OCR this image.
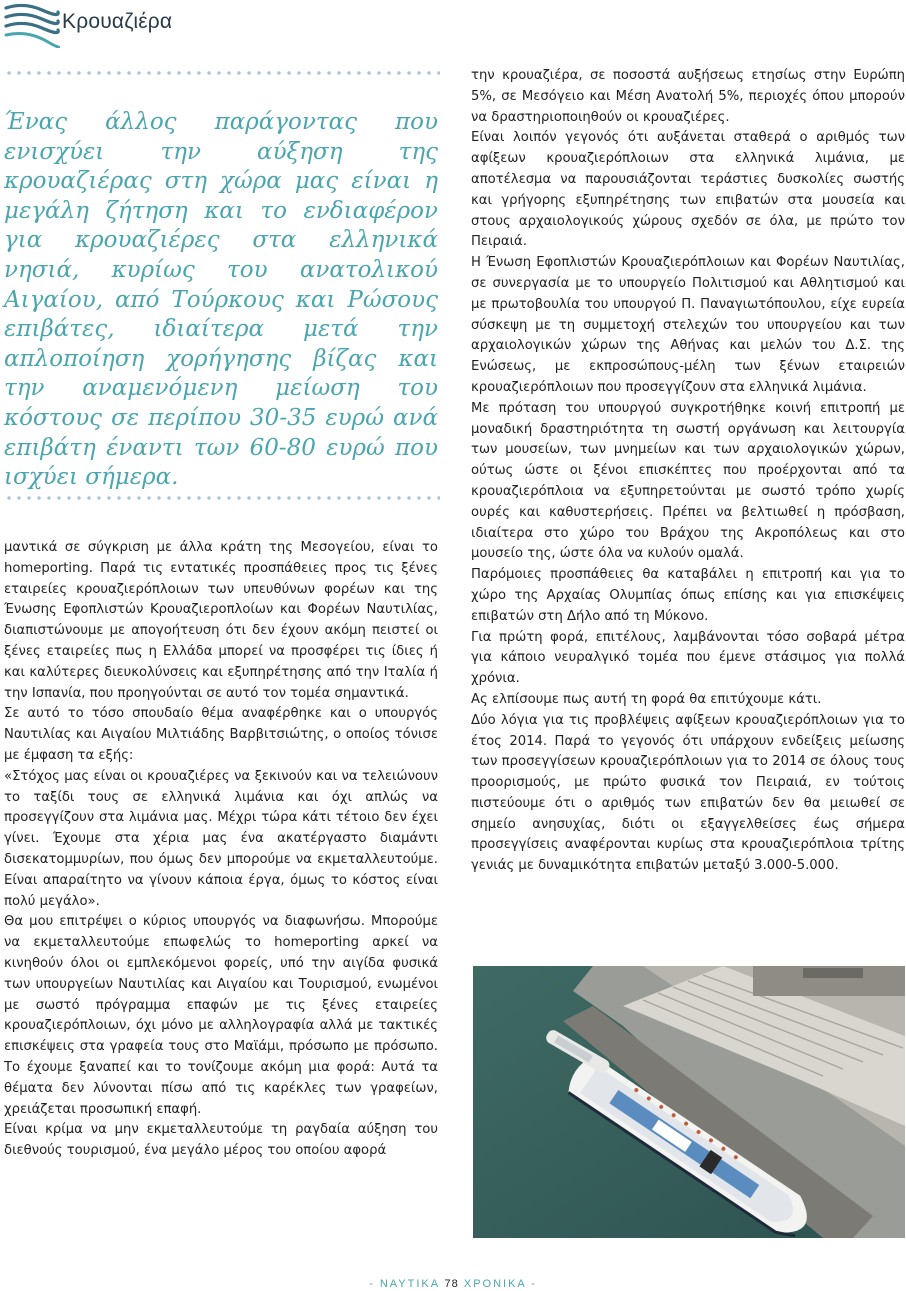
Κρουαζιέρα

Ένας άλλος παράγοντας που ενισχύει την αύξηση της κρουαζιέρας στη χώρα μας είναι η μεγάλη ζήτηση και το ενδιαφέρον για κρουαζιέρες στα ελληνικά νησιά, κυρίως του ανατολικού Αιγαίου, από Τούρκους και Ρώσους επιβάτες, ιδιαίτερα μετά την απλοποίηση χορήγησης βίζας και την αναμενόμενη μείωση του κόστους σε περίπου 30-35 ευρώ ανά επιβάτη έναντι των 60-80 ευρώ που ισχύει σήμερα.

μαντικά σε σύγκριση με άλλα κράτη της Μεσογείου, είναι το homeporting. Παρά τις εντατικές προσπάθειες προς τις ξένες εταιρείες κρουαζιερόπλοιων των υπευθύνων φορέων και της Ένωσης Εφοπλιστών Κρουαζιεροπλοίων και Φορέων Ναυτιλίας, διαπιστώνουμε με απογοήτευση ότι δεν έχουν ακόμη πειστεί οι ξένες εταιρείες πως η Ελλάδα μπορεί να προσφέρει τις ίδιες ή και καλύτερες διευκολύνσεις και εξυπηρέτησης από την Ιταλία ή την Ισπανία, που προηγούνται σε αυτό τον τομέα σημαντικά.

Σε αυτό το τόσο σπουδαίο θέμα αναφέρθηκε και ο υπουργός Ναυτιλίας και Αιγαίου Μιλτιάδης Βαρβιτσιώτης, ο οποίος τόνισε με έμφαση τα εξής:

«Στόχος μας είναι οι κρουαζιέρες να ξεκινούν και να τελειώνουν το ταξίδι τους σε ελληνικά λιμάνια και όχι απλώς να προσεγγίζουν στα λιμάνια μας. Μέχρι τώρα κάτι τέτοιο δεν έχει γίνει. Έχουμε στα χέρια μας ένα ακατέργαστο διαμάντι δισεκατομμυρίων, που όμως δεν μπορούμε να εκμεταλλευτούμε. Είναι απαραίτητο να γίνουν κάποια έργα, όμως το κόστος είναι πολύ μεγάλο».

Θα μου επιτρέψει ο κύριος υπουργός να διαφωνήσω. Μπορούμε να εκμεταλλευτούμε επωφελώς το homeporting αρκεί να κινηθούν όλοι οι εμπλεκόμενοι φορείς, υπό την αιγίδα φυσικά των υπουργείων Ναυτιλίας και Αιγαίου και Τουρισμού, ενωμένοι με σωστό πρόγραμμα επαφών με τις ξένες εταιρείες κρουαζιερόπλοιων, όχι μόνο με αλληλογραφία αλλά με τακτικές επισκέψεις στα γραφεία τους στο Μαϊάμι, πρόσωπο με πρόσωπο. Το έχουμε ξαναπεί και το τονίζουμε ακόμη μια φορά: Αυτά τα θέματα δεν λύνονται πίσω από τις καρέκλες των γραφείων, χρειάζεται προσωπική επαφή.

Είναι κρίμα να μην εκμεταλλευτούμε τη ραγδαία αύξηση του διεθνούς τουρισμού, ένα μεγάλο μέρος του οποίου αφορά

την κρουαζιέρα, σε ποσοστά αυξήσεως ετησίως στην Ευρώπη 5%, σε Μεσόγειο και Μέση Ανατολή 5%, περιοχές όπου μπορούν να δραστηριοποιηθούν οι κρουαζιέρες.

Είναι λοιπόν γεγονός ότι αυξάνεται σταθερά ο αριθμός των αφίξεων κρουαζιερόπλοιων στα ελληνικά λιμάνια, με αποτέλεσμα να παρουσιάζονται τεράστιες δυσκολίες σωστής και γρήγορης εξυπηρέτησης των επιβατών στα μουσεία και στους αρχαιολογικούς χώρους σχεδόν σε όλα, με πρώτο τον Πειραιά.

Η Ένωση Εφοπλιστών Κρουαζιερόπλοιων και Φορέων Ναυτιλίας, σε συνεργασία με το υπουργείο Πολιτισμού και Αθλητισμού και με πρωτοβουλία του υπουργού Π. Παναγιωτόπουλου, είχε ευρεία σύσκεψη με τη συμμετοχή στελεχών του υπουργείου και των αρχαιολογικών χώρων της Αθήνας και μελών του Δ.Σ. της Ενώσεως, με εκπροσώπους-μέλη των ξένων εταιρειών κρουαζιερόπλοιων που προσεγγίζουν στα ελληνικά λιμάνια.

Με πρόταση του υπουργού συγκροτήθηκε κοινή επιτροπή με μοναδική δραστηριότητα τη σωστή οργάνωση και λειτουργία των μουσείων, των μνημείων και των αρχαιολογικών χώρων, ούτως ώστε οι ξένοι επισκέπτες που προέρχονται από τα κρουαζιερόπλοια να εξυπηρετούνται με σωστό τρόπο χωρίς ουρές και καθυστερήσεις. Πρέπει να βελτιωθεί η πρόσβαση, ιδιαίτερα στο χώρο του Βράχου της Ακροπόλεως και στο μουσείο της, ώστε όλα να κυλούν ομαλά.

Παρόμοιες προσπάθειες θα καταβάλει η επιτροπή και για το χώρο της Αρχαίας Ολυμπίας όπως επίσης και για επισκέψεις επιβατών στη Δήλο από τη Μύκονο.

Για πρώτη φορά, επιτέλους, λαμβάνονται τόσο σοβαρά μέτρα για κάποιο νευραλγικό τομέα που έμενε στάσιμος για πολλά χρόνια.

Ας ελπίσουμε πως αυτή τη φορά θα επιτύχουμε κάτι.

Δύο λόγια για τις προβλέψεις αφίξεων κρουαζιερόπλοιων για το έτος 2014. Παρά το γεγονός ότι υπάρχουν ενδείξεις μείωσης των προσεγγίσεων κρουαζιερόπλοιων για το 2014 σε όλους τους προορισμούς, με πρώτο φυσικά τον Πειραιά, εν τούτοις πιστεύουμε ότι ο αριθμός των επιβατών δεν θα μειωθεί σε σημείο ανησυχίας, διότι οι εξαγγελθείσες έως σήμερα προσεγγίσεις αναφέρονται κυρίως στα κρουαζιερόπλοια τρίτης γενιάς με δυναμικότητα επιβατών μεταξύ 3.000-5.000.

- ΝΑΥΤΙΚΑ 78 ΧΡΟΝΙΚΑ -
